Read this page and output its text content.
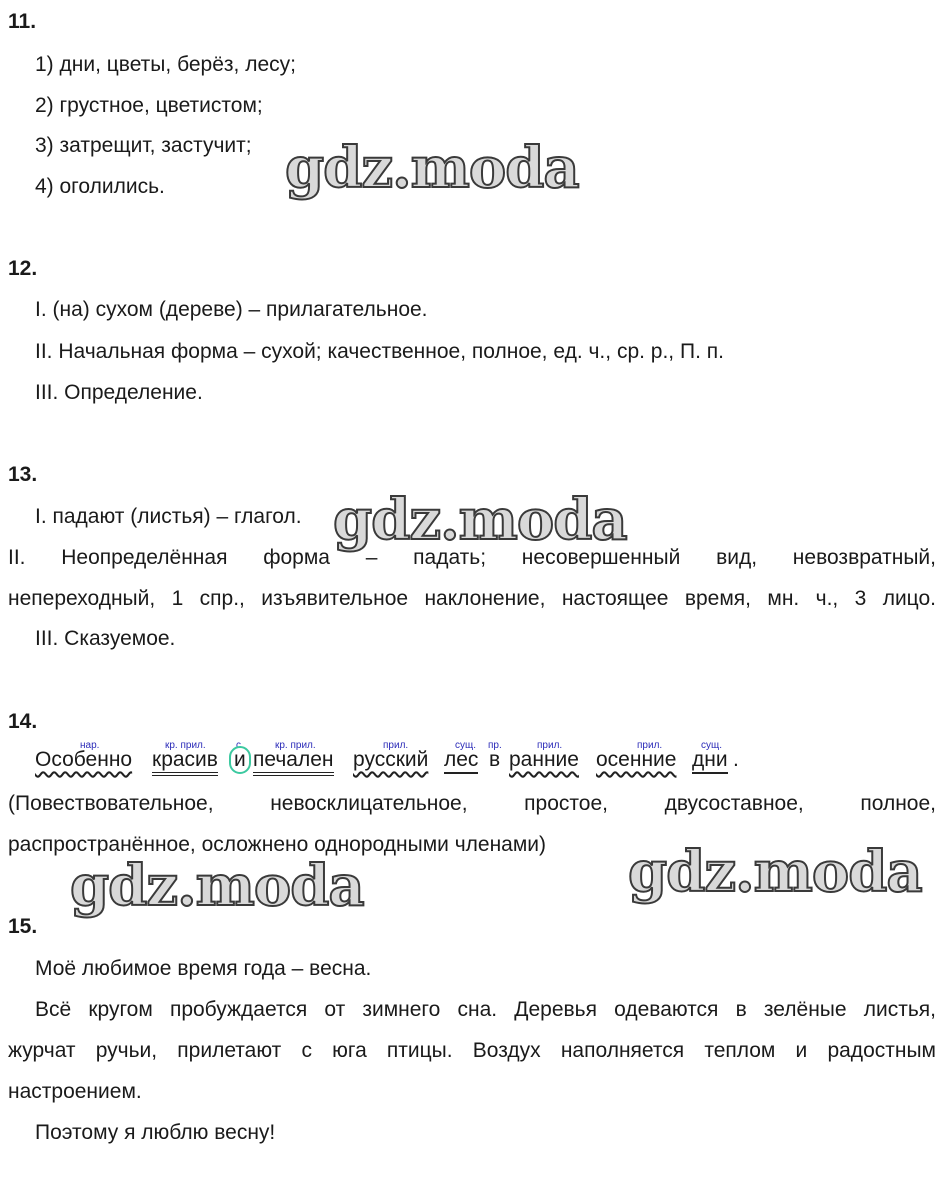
11.
1) дни, цветы, берёз, лесу;
2) грустное, цветистом;
3) затрещит, застучит;
4) оголились.
12.
I. (на) сухом (дереве) – прилагательное.
II. Начальная форма – сухой; качественное, полное, ед. ч., ср. р., П. п.
III. Определение.
13.
I. падают (листья) – глагол.
II. Неопределённая форма – падать; несовершенный вид, невозвратный,
непереходный, 1 спр., изъявительное наклонение, настоящее время, мн. ч., 3 лицо.
III. Сказуемое.
14.
нар.	кр. прил.	с.	кр. прил.	прил.	сущ. пр.	прил.	прил.	сущ.
Особенно красив и печален русский лес в ранние осенние дни .
(Повествовательное, невосклицательное, простое, двусоставное, полное,
распространённое, осложнено однородными членами)
15.
Моё любимое время года – весна.
Всё кругом пробуждается от зимнего сна. Деревья одеваются в зелёные листья,
журчат ручьи, прилетают с юга птицы. Воздух наполняется теплом и радостным
настроением.
Поэтому я люблю весну!
gdz.moda
gdz.moda
gdz.moda	gdz.moda
